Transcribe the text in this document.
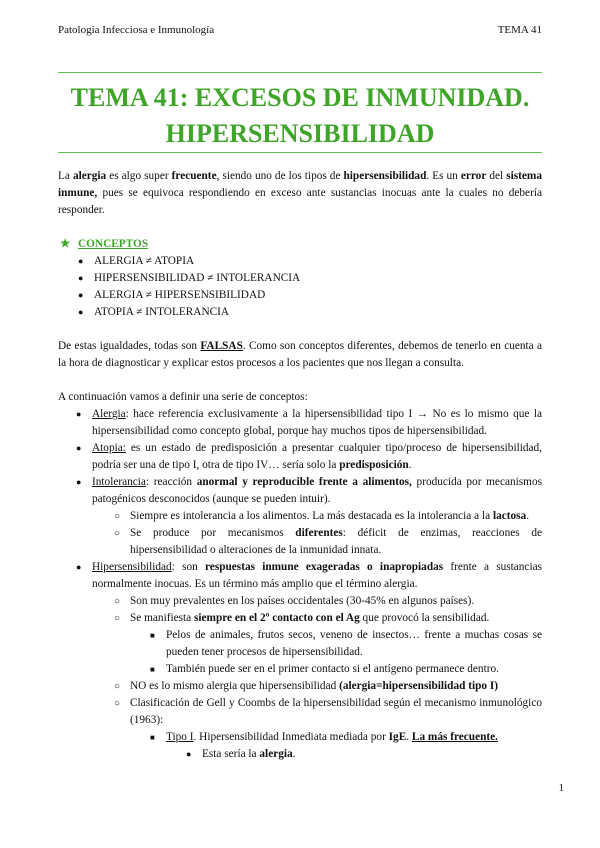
Patología Infecciosa e Inmunología	TEMA 41
TEMA 41: EXCESOS DE INMUNIDAD.
HIPERSENSIBILIDAD

La alergia es algo super frecuente, siendo uno de los tipos de hipersensibilidad. Es un error del sistema inmune, pues se equivoca respondiendo en exceso ante sustancias inocuas ante la cuales no debería responder.

★ CONCEPTOS
● ALERGIA ≠ ATOPIA
● HIPERSENSIBILIDAD ≠ INTOLERANCIA
● ALERGIA ≠ HIPERSENSIBILIDAD
● ATOPIA ≠ INTOLERANCIA

De estas igualdades, todas son FALSAS. Como son conceptos diferentes, debemos de tenerlo en cuenta a la hora de diagnosticar y explicar estos procesos a los pacientes que nos llegan a consulta.

A continuación vamos a definir una serie de conceptos:

● Alergia: hace referencia exclusivamente a la hipersensibilidad tipo I → No es lo mismo que la hipersensibilidad como concepto global, porque hay muchos tipos de hipersensibilidad.
● Atopia: es un estado de predisposición a presentar cualquier tipo/proceso de hipersensibilidad, podría ser una de tipo I, otra de tipo IV… sería solo la predisposición.
● Intolerancia: reacción anormal y reproducible frente a alimentos, producida por mecanismos patogénicos desconocidos (aunque se pueden intuir).
○ Siempre es intolerancia a los alimentos. La más destacada es la intolerancia a la lactosa.
○ Se produce por mecanismos diferentes: déficit de enzimas, reacciones de hipersensibilidad o alteraciones de la inmunidad innata.
● Hipersensibilidad: son respuestas inmune exageradas o inapropiadas frente a sustancias normalmente inocuas. Es un término más amplio que el término alergia.
○ Son muy prevalentes en los países occidentales (30-45% en algunos países).
○ Se manifiesta siempre en el 2º contacto con el Ag que provocó la sensibilidad.
■ Pelos de animales, frutos secos, veneno de insectos… frente a muchas cosas se pueden tener procesos de hipersensibilidad.
■ También puede ser en el primer contacto si el antígeno permanece dentro.
○ NO es lo mismo alergia que hipersensibilidad (alergia=hipersensibilidad tipo I)
○ Clasificación de Gell y Coombs de la hipersensibilidad según el mecanismo inmunológico (1963):
■ Tipo I. Hipersensibilidad Inmediata mediada por IgE. La más frecuente.
● Esta sería la alergia.
1
